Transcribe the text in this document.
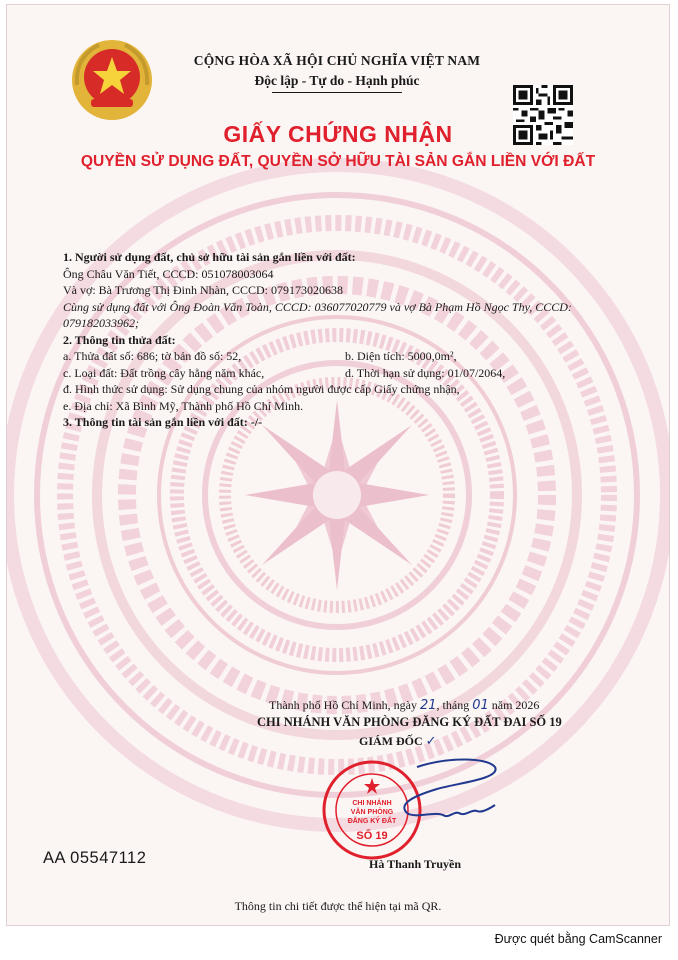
CỘNG HÒA XÃ HỘI CHỦ NGHĨA VIỆT NAM
Độc lập - Tự do - Hạnh phúc
GIẤY CHỨNG NHẬN
QUYỀN SỬ DỤNG ĐẤT, QUYỀN SỞ HỮU TÀI SẢN GẮN LIỀN VỚI ĐẤT
1. Người sử dụng đất, chủ sở hữu tài sản gắn liền với đất:
Ông Châu Văn Tiết, CCCD: 051078003064
Và vợ: Bà Trương Thị Đinh Nhàn, CCCD: 079173020638
Cùng sử dụng đất với Ông Đoàn Văn Toàn, CCCD: 036077020779 và vợ Bà Phạm Hồ Ngọc Thy, CCCD: 079182033962;
2. Thông tin thửa đất:
a. Thửa đất số: 686; tờ bản đồ số: 52,	b. Diện tích: 5000,0m²,
c. Loại đất: Đất trồng cây hằng năm khác,	d. Thời hạn sử dụng: 01/07/2064,
đ. Hình thức sử dụng: Sử dụng chung của nhóm người được cấp Giấy chứng nhận,
e. Địa chỉ: Xã Bình Mỹ, Thành phố Hồ Chí Minh.
3. Thông tin tài sản gắn liền với đất: -/-
Thành phố Hồ Chí Minh, ngày 21, tháng 01 năm 2026
CHI NHÁNH VĂN PHÒNG ĐĂNG KÝ ĐẤT ĐAI SỐ 19
GIÁM ĐỐC ✓
CHI NHÁNH
VĂN PHÒNG
ĐĂNG KÝ ĐẤT
SỐ 19
Hà Thanh Truyền
AA 05547112
Thông tin chi tiết được thể hiện tại mã QR.
Được quét bằng CamScanner
